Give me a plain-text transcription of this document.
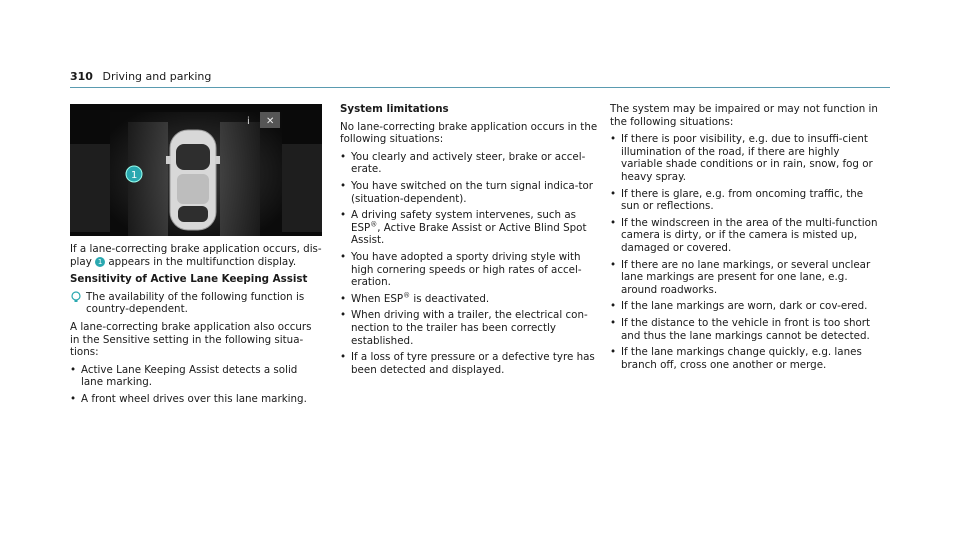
310 Driving and parking
i ✕
1

If a lane-correcting brake application occurs, dis-
play 1 appears in the multifunction display.

Sensitivity of Active Lane Keeping Assist

The availability of the following function is country-dependent.

A lane-correcting brake application also occurs in the Sensitive setting in the following situa-tions:

• Active Lane Keeping Assist detects a solid lane marking.
• A front wheel drives over this lane marking.

System limitations

No lane-correcting brake application occurs in the following situations:

• You clearly and actively steer, brake or accel-erate.
• You have switched on the turn signal indica-tor (situation-dependent).
• A driving safety system intervenes, such as ESP®, Active Brake Assist or Active Blind Spot Assist.
• You have adopted a sporty driving style with high cornering speeds or high rates of accel-eration.
• When ESP® is deactivated.
• When driving with a trailer, the electrical con-nection to the trailer has been correctly established.
• If a loss of tyre pressure or a defective tyre has been detected and displayed.

The system may be impaired or may not function in the following situations:

• If there is poor visibility, e.g. due to insuffi-cient illumination of the road, if there are highly variable shade conditions or in rain, snow, fog or heavy spray.
• If there is glare, e.g. from oncoming traffic, the sun or reflections.
• If the windscreen in the area of the multi-function camera is dirty, or if the camera is misted up, damaged or covered.
• If there are no lane markings, or several unclear lane markings are present for one lane, e.g. around roadworks.
• If the lane markings are worn, dark or cov-ered.
• If the distance to the vehicle in front is too short and thus the lane markings cannot be detected.
• If the lane markings change quickly, e.g. lanes branch off, cross one another or merge.
